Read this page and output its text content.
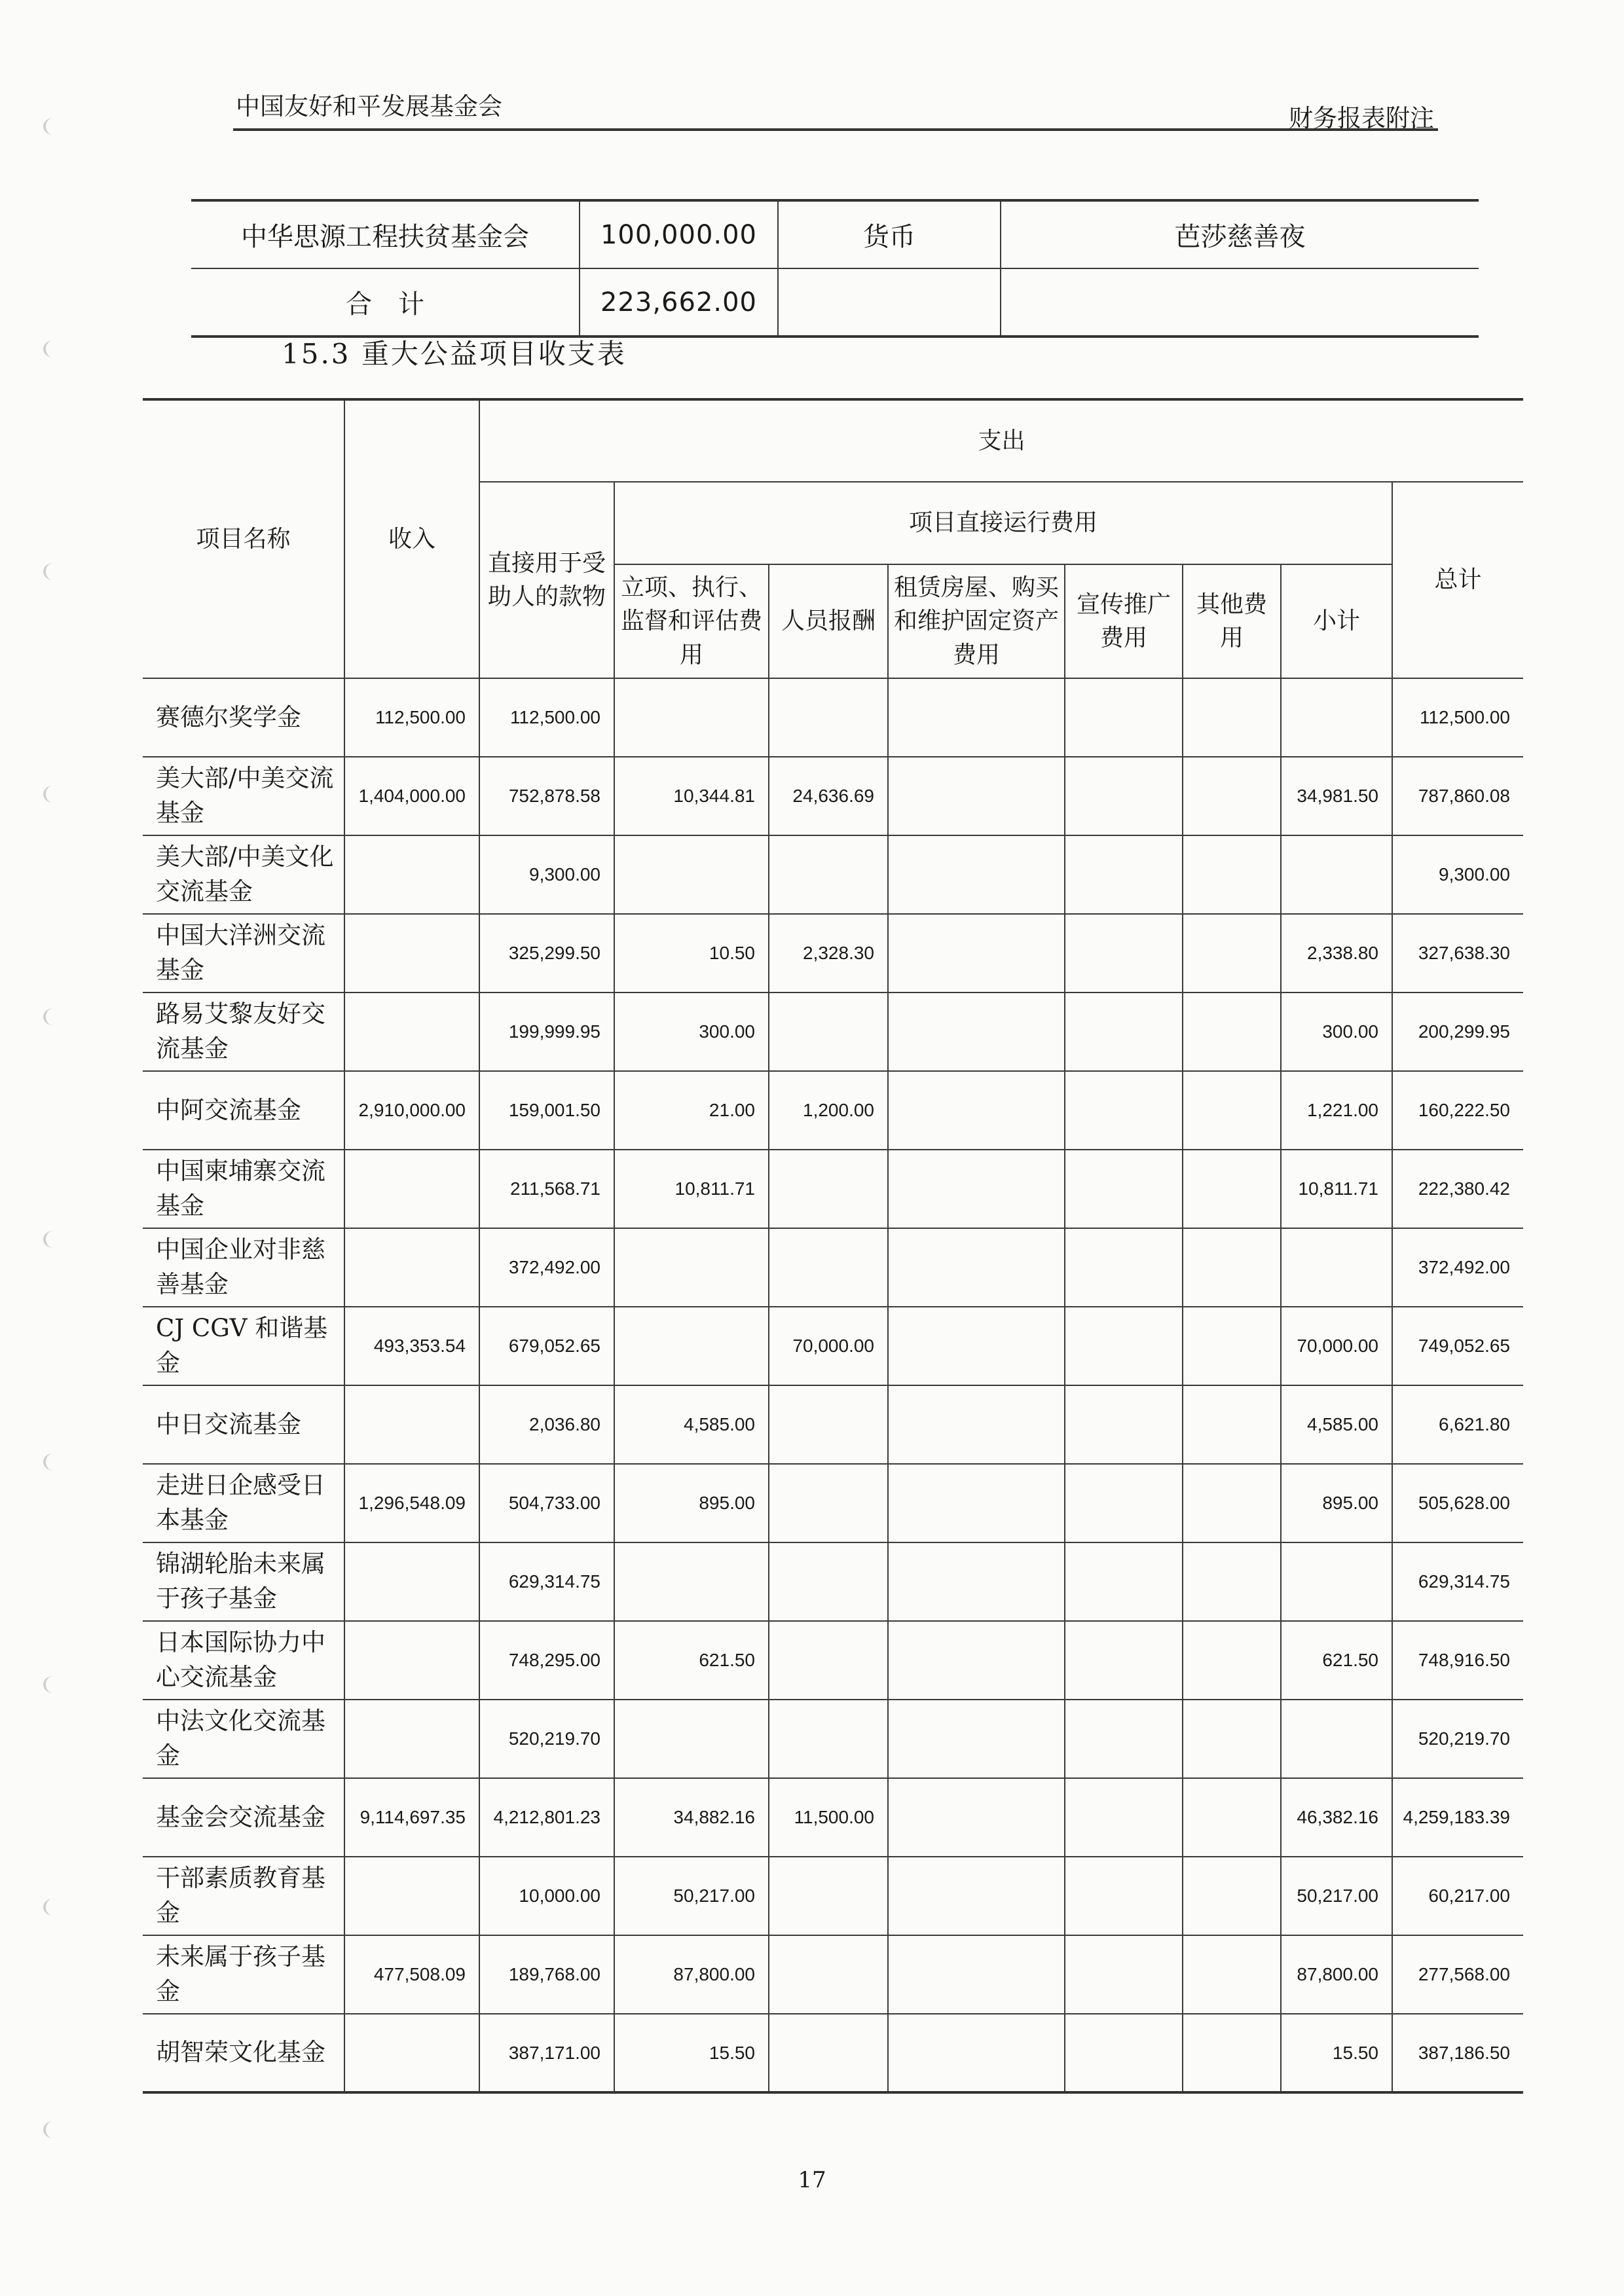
中国友好和平发展基金会	财务报表附注
中华思源工程扶贫基金会	100,000.00	货币	芭莎慈善夜
合　计	223,662.00		
15.3 重大公益项目收支表
项目名称	收入	支出							
		直接用于受助人的款物	项目直接运行费用						总计
			立项、执行、监督和评估费用	人员报酬	租赁房屋、购买和维护固定资产费用	宣传推广费用	其他费用	小计	
赛德尔奖学金	112,500.00	112,500.00							112,500.00
美大部/中美交流基金	1,404,000.00	752,878.58	10,344.81	24,636.69				34,981.50	787,860.08
美大部/中美文化交流基金		9,300.00							9,300.00
中国大洋洲交流基金		325,299.50	10.50	2,328.30				2,338.80	327,638.30
路易艾黎友好交流基金		199,999.95	300.00					300.00	200,299.95
中阿交流基金	2,910,000.00	159,001.50	21.00	1,200.00				1,221.00	160,222.50
中国柬埔寨交流基金		211,568.71	10,811.71					10,811.71	222,380.42
中国企业对非慈善基金		372,492.00							372,492.00
CJ CGV 和谐基金	493,353.54	679,052.65		70,000.00				70,000.00	749,052.65
中日交流基金		2,036.80	4,585.00					4,585.00	6,621.80
走进日企感受日本基金	1,296,548.09	504,733.00	895.00					895.00	505,628.00
锦湖轮胎未来属于孩子基金		629,314.75							629,314.75
日本国际协力中心交流基金		748,295.00	621.50					621.50	748,916.50
中法文化交流基金		520,219.70							520,219.70
基金会交流基金	9,114,697.35	4,212,801.23	34,882.16	11,500.00				46,382.16	4,259,183.39
干部素质教育基金		10,000.00	50,217.00					50,217.00	60,217.00
未来属于孩子基金	477,508.09	189,768.00	87,800.00					87,800.00	277,568.00
胡智荣文化基金		387,171.00	15.50					15.50	387,186.50
17
